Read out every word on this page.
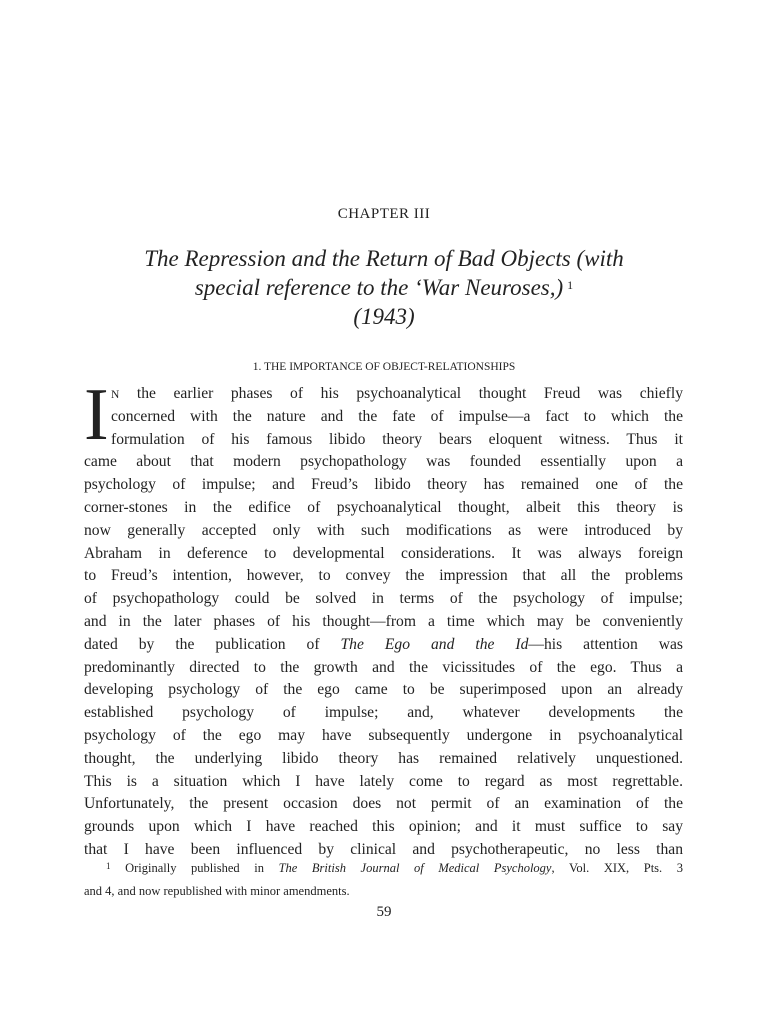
CHAPTER III
The Repression and the Return of Bad Objects (with
special reference to the ‘War Neuroses,) $^1$
(1943)
1. THE IMPORTANCE OF OBJECT-RELATIONSHIPS
I N the earlier phases of his psychoanalytical thought Freud was chiefly
concerned with the nature and the fate of impulse—a fact to which the
formulation of his famous libido theory bears eloquent witness. Thus it
came about that modern psychopathology was founded essentially upon a
psychology of impulse; and Freud’s libido theory has remained one of the
corner-stones in the edifice of psychoanalytical thought, albeit this theory is
now generally accepted only with such modifications as were introduced by
Abraham in deference to developmental considerations. It was always foreign
to Freud’s intention, however, to convey the impression that all the problems
of psychopathology could be solved in terms of the psychology of impulse;
and in the later phases of his thought—from a time which may be conveniently
dated by the publication of The Ego and the Id—his attention was
predominantly directed to the growth and the vicissitudes of the ego. Thus a
developing psychology of the ego came to be superimposed upon an already
established psychology of impulse; and, whatever developments the
psychology of the ego may have subsequently undergone in psychoanalytical
thought, the underlying libido theory has remained relatively unquestioned.
This is a situation which I have lately come to regard as most regrettable.
Unfortunately, the present occasion does not permit of an examination of the
grounds upon which I have reached this opinion; and it must suffice to say
that I have been influenced by clinical and psychotherapeutic, no less than
$^1$ Originally published in The British Journal of Medical Psychology, Vol. XIX, Pts. 3
and 4, and now republished with minor amendments.
59
